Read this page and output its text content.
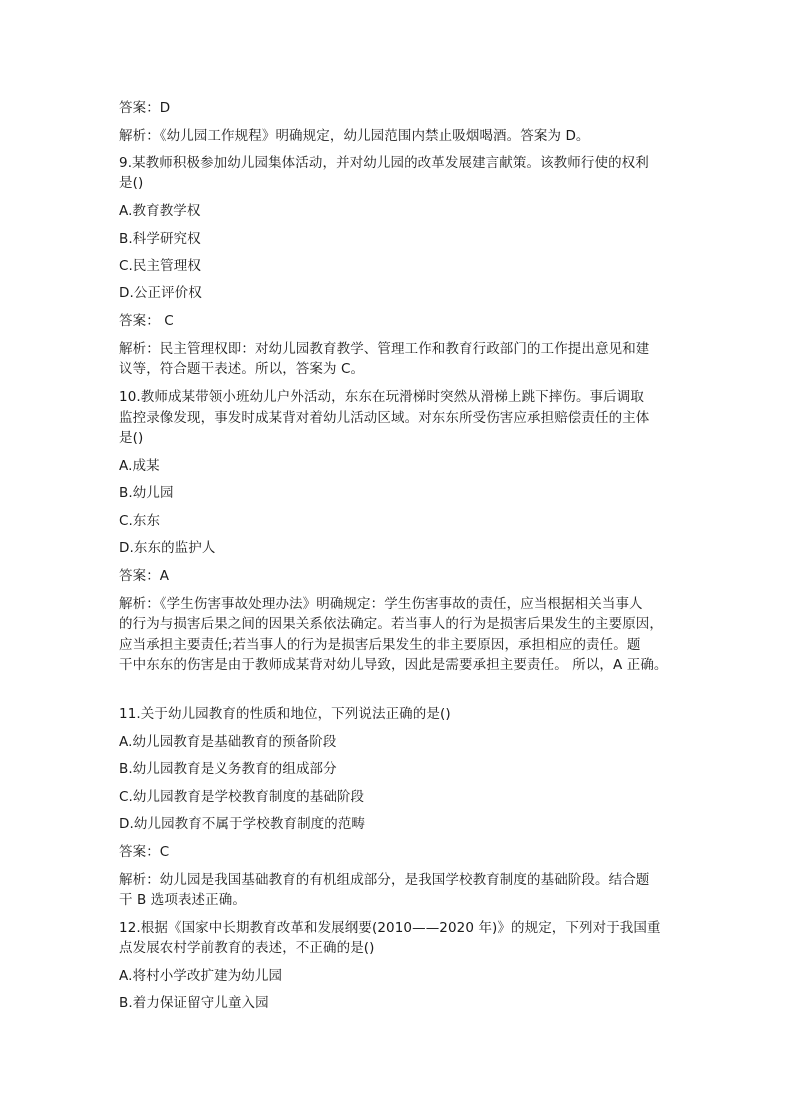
答案：D
解析：《幼儿园工作规程》明确规定，幼儿园范围内禁止吸烟喝酒。答案为 D。
9.某教师积极参加幼儿园集体活动，并对幼儿园的改革发展建言献策。该教师行使的权利
是()
A.教育教学权
B.科学研究权
C.民主管理权
D.公正评价权
答案： C
解析：民主管理权即：对幼儿园教育教学、管理工作和教育行政部门的工作提出意见和建
议等，符合题干表述。所以，答案为 C。
10.教师成某带领小班幼儿户外活动，东东在玩滑梯时突然从滑梯上跳下摔伤。事后调取
监控录像发现，事发时成某背对着幼儿活动区域。对东东所受伤害应承担赔偿责任的主体
是()
A.成某
B.幼儿园
C.东东
D.东东的监护人
答案：A
解析：《学生伤害事故处理办法》明确规定：学生伤害事故的责任，应当根据相关当事人
的行为与损害后果之间的因果关系依法确定。若当事人的行为是损害后果发生的主要原因，
应当承担主要责任;若当事人的行为是损害后果发生的非主要原因，承担相应的责任。题
干中东东的伤害是由于教师成某背对幼儿导致，因此是需要承担主要责任。 所以，A 正确。
11.关于幼儿园教育的性质和地位，下列说法正确的是()
A.幼儿园教育是基础教育的预备阶段
B.幼儿园教育是义务教育的组成部分
C.幼儿园教育是学校教育制度的基础阶段
D.幼儿园教育不属于学校教育制度的范畴
答案：C
解析：幼儿园是我国基础教育的有机组成部分，是我国学校教育制度的基础阶段。结合题
干 B 选项表述正确。
12.根据《国家中长期教育改革和发展纲要(2010——2020 年)》的规定，下列对于我国重
点发展农村学前教育的表述，不正确的是()
A.将村小学改扩建为幼儿园
B.着力保证留守儿童入园
